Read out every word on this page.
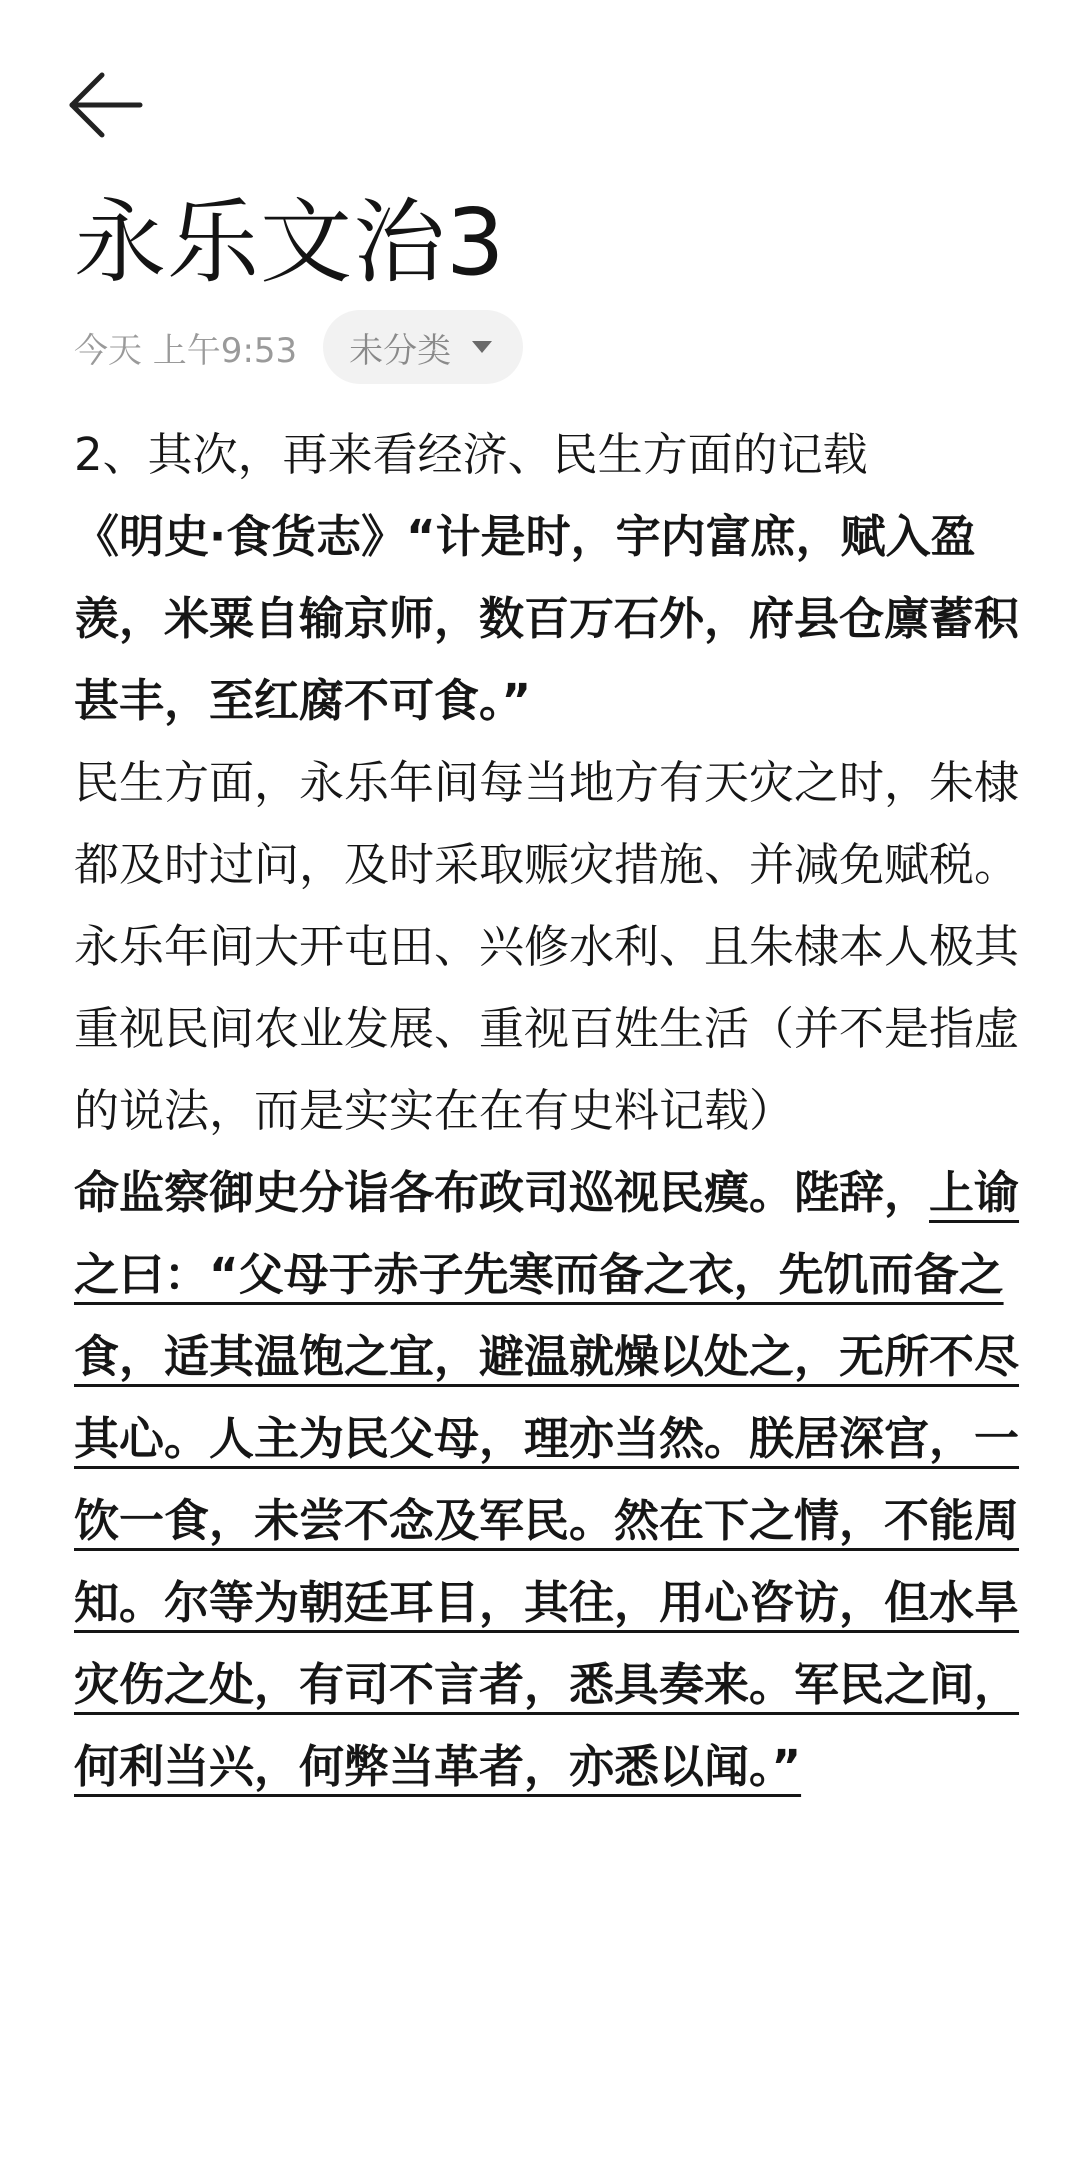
永乐文治3
今天 上午9:53 未分类

2、其次，再来看经济、民生方面的记载

《明史·食货志》“计是时，宇内富庶，赋入盈羡，米粟自输京师，数百万石外，府县仓廪蓄积甚丰，至红腐不可食。”

民生方面，永乐年间每当地方有天灾之时，朱棣都及时过问，及时采取赈灾措施、并减免赋税。永乐年间大开屯田、兴修水利、且朱棣本人极其重视民间农业发展、重视百姓生活（并不是指虚的说法，而是实实在在有史料记载）

命监察御史分诣各布政司巡视民瘼。陛辞，上谕之曰：“父母于赤子先寒而备之衣，先饥而备之食，适其温饱之宜，避温就燥以处之，无所不尽其心。人主为民父母，理亦当然。朕居深宫，一饮一食，未尝不念及军民。然在下之情，不能周知。尔等为朝廷耳目，其往，用心咨访，但水旱灾伤之处，有司不言者，悉具奏来。军民之间，何利当兴，何弊当革者，亦悉以闻。”
